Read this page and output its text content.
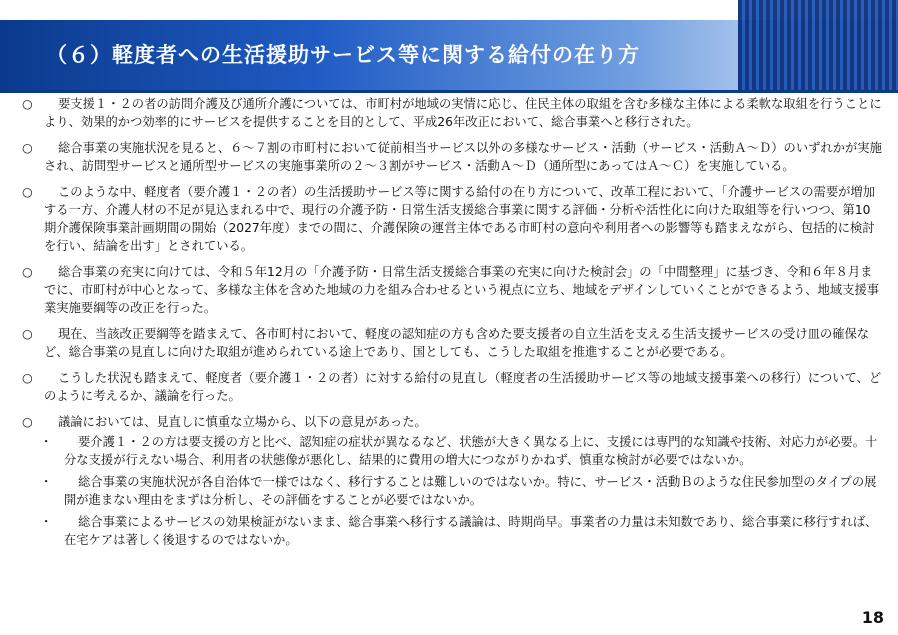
（６）軽度者への生活援助サービス等に関する給付の在り方
○	要支援１・２の者の訪問介護及び通所介護については、市町村が地域の実情に応じ、住民主体の取組を含む多様な主体による柔軟な取組を行うことにより、効果的かつ効率的にサービスを提供することを目的として、平成26年改正において、総合事業へと移行された。
○	総合事業の実施状況を見ると、６～７割の市町村において従前相当サービス以外の多様なサービス・活動（サービス・活動Ａ～Ｄ）のいずれかが実施され、訪問型サービスと通所型サービスの実施事業所の２～３割がサービス・活動Ａ～Ｄ（通所型にあってはＡ～Ｃ）を実施している。
○	このような中、軽度者（要介護１・２の者）の生活援助サービス等に関する給付の在り方について、改革工程において、「介護サービスの需要が増加する一方、介護人材の不足が見込まれる中で、現行の介護予防・日常生活支援総合事業に関する評価・分析や活性化に向けた取組等を行いつつ、第10期介護保険事業計画期間の開始（2027年度）までの間に、介護保険の運営主体である市町村の意向や利用者への影響等も踏まえながら、包括的に検討を行い、結論を出す」とされている。
○	総合事業の充実に向けては、令和５年12月の「介護予防・日常生活支援総合事業の充実に向けた検討会」の「中間整理」に基づき、令和６年８月までに、市町村が中心となって、多様な主体を含めた地域の力を組み合わせるという視点に立ち、地域をデザインしていくことができるよう、地域支援事業実施要綱等の改正を行った。
○	現在、当該改正要綱等を踏まえて、各市町村において、軽度の認知症の方も含めた要支援者の自立生活を支える生活支援サービスの受け皿の確保など、総合事業の見直しに向けた取組が進められている途上であり、国としても、こうした取組を推進することが必要である。
○	こうした状況も踏まえて、軽度者（要介護１・２の者）に対する給付の見直し（軽度者の生活援助サービス等の地域支援事業への移行）について、どのように考えるか、議論を行った。
○	議論においては、見直しに慎重な立場から、以下の意見があった。
・	要介護１・２の方は要支援の方と比べ、認知症の症状が異なるなど、状態が大きく異なる上に、支援には専門的な知識や技術、対応力が必要。十分な支援が行えない場合、利用者の状態像が悪化し、結果的に費用の増大につながりかねず、慎重な検討が必要ではないか。
・	総合事業の実施状況が各自治体で一様ではなく、移行することは難しいのではないか。特に、サービス・活動Ｂのような住民参加型のタイプの展開が進まない理由をまずは分析し、その評価をすることが必要ではないか。
・	総合事業によるサービスの効果検証がないまま、総合事業へ移行する議論は、時期尚早。事業者の力量は未知数であり、総合事業に移行すれば、在宅ケアは著しく後退するのではないか。
18
